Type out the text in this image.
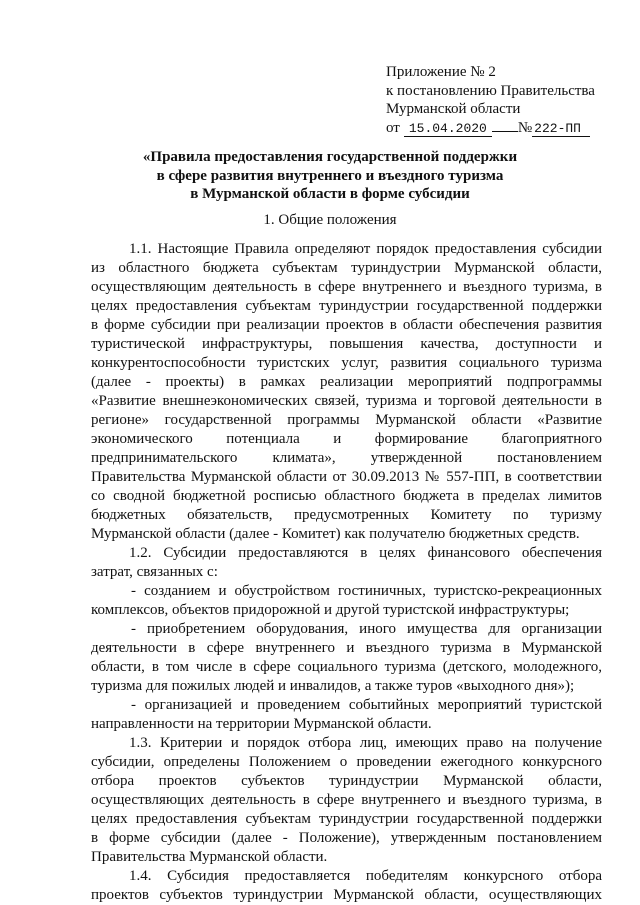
Приложение № 2
к постановлению Правительства
Мурманской области
от 15.04.2020 № 222-ПП
«Правила предоставления государственной поддержки
в сфере развития внутреннего и въездного туризма
в Мурманской области в форме субсидии
1. Общие положения

1.1. Настоящие Правила определяют порядок предоставления субсидии

из областного бюджета субъектам туриндустрии Мурманской области,

осуществляющим деятельность в сфере внутреннего и въездного туризма, в

целях предоставления субъектам туриндустрии государственной поддержки

в форме субсидии при реализации проектов в области обеспечения развития

туристической инфраструктуры, повышения качества, доступности и

конкурентоспособности туристских услуг, развития социального туризма

(далее - проекты) в рамках реализации мероприятий подпрограммы

«Развитие внешнеэкономических связей, туризма и торговой деятельности в

регионе» государственной программы Мурманской области «Развитие

экономического потенциала и формирование благоприятного

предпринимательского климата», утвержденной постановлением

Правительства Мурманской области от 30.09.2013 № 557-ПП, в соответствии

со сводной бюджетной росписью областного бюджета в пределах лимитов

бюджетных обязательств, предусмотренных Комитету по туризму

Мурманской области (далее - Комитет) как получателю бюджетных средств.

1.2. Субсидии предоставляются в целях финансового обеспечения

затрат, связанных с:

- созданием и обустройством гостиничных, туристско-рекреационных

комплексов, объектов придорожной и другой туристской инфраструктуры;

- приобретением оборудования, иного имущества для организации

деятельности в сфере внутреннего и въездного туризма в Мурманской

области, в том числе в сфере социального туризма (детского, молодежного,

туризма для пожилых людей и инвалидов, а также туров «выходного дня»);

- организацией и проведением событийных мероприятий туристской

направленности на территории Мурманской области.

1.3. Критерии и порядок отбора лиц, имеющих право на получение

субсидии, определены Положением о проведении ежегодного конкурсного

отбора проектов субъектов туриндустрии Мурманской области,

осуществляющих деятельность в сфере внутреннего и въездного туризма, в

целях предоставления субъектам туриндустрии государственной поддержки

в форме субсидии (далее - Положение), утвержденным постановлением

Правительства Мурманской области.

1.4. Субсидия предоставляется победителям конкурсного отбора

проектов субъектов туриндустрии Мурманской области, осуществляющих
